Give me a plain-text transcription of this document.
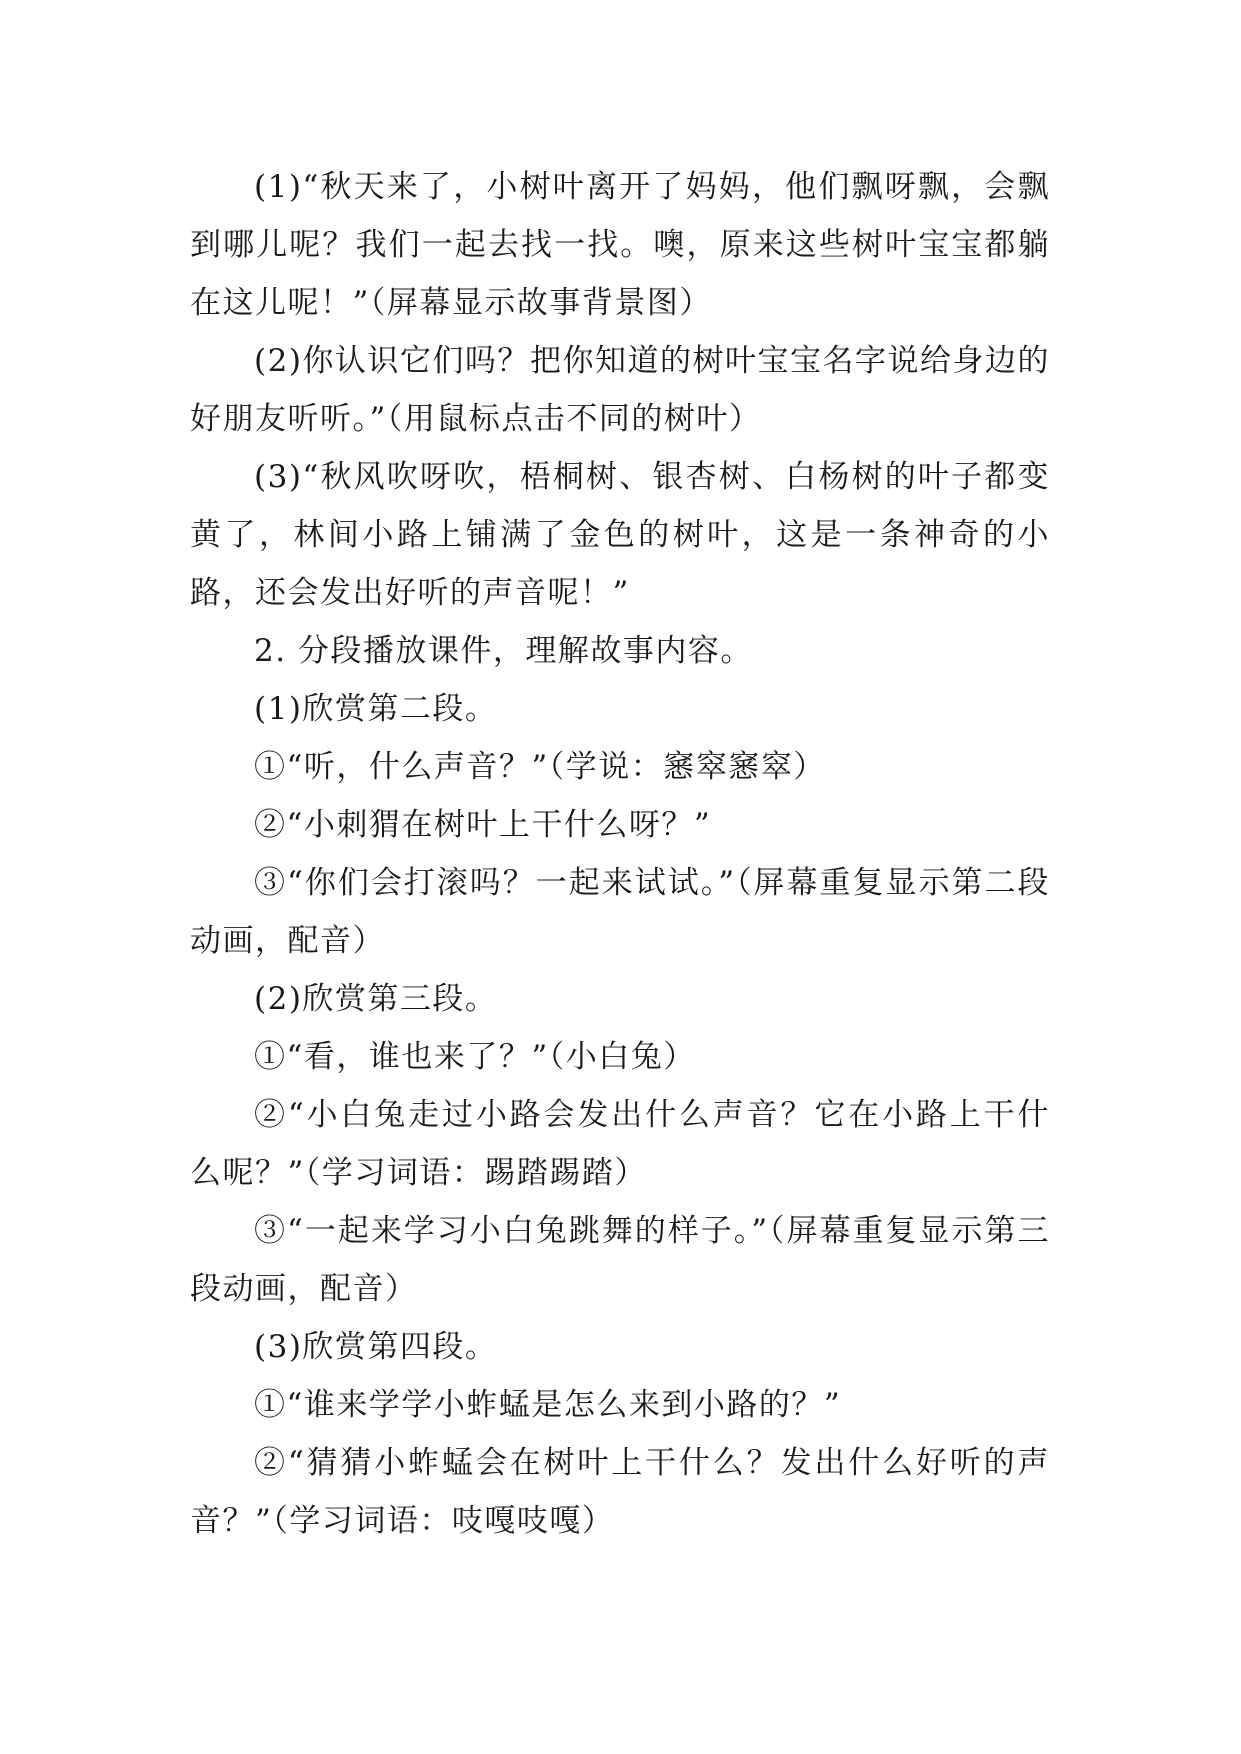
(1)“秋天来了，小树叶离开了妈妈，他们飘呀飘，会飘到哪儿呢？我们一起去找一找。噢，原来这些树叶宝宝都躺在这儿呢！”（屏幕显示故事背景图）

(2)你认识它们吗？把你知道的树叶宝宝名字说给身边的好朋友听听。”（用鼠标点击不同的树叶）

(3)“秋风吹呀吹，梧桐树、银杏树、白杨树的叶子都变黄了，林间小路上铺满了金色的树叶，这是一条神奇的小路，还会发出好听的声音呢！”

2. 分段播放课件，理解故事内容。

(1)欣赏第二段。

①“听，什么声音？”（学说：窸窣窸窣）

②“小刺猬在树叶上干什么呀？”

③“你们会打滚吗？一起来试试。”（屏幕重复显示第二段动画，配音）

(2)欣赏第三段。

①“看，谁也来了？”（小白兔）

②“小白兔走过小路会发出什么声音？它在小路上干什么呢？”（学习词语：踢踏踢踏）

③“一起来学习小白兔跳舞的样子。”（屏幕重复显示第三段动画，配音）

(3)欣赏第四段。

①“谁来学学小蚱蜢是怎么来到小路的？”

②“猜猜小蚱蜢会在树叶上干什么？发出什么好听的声音？”（学习词语：吱嘎吱嘎）
